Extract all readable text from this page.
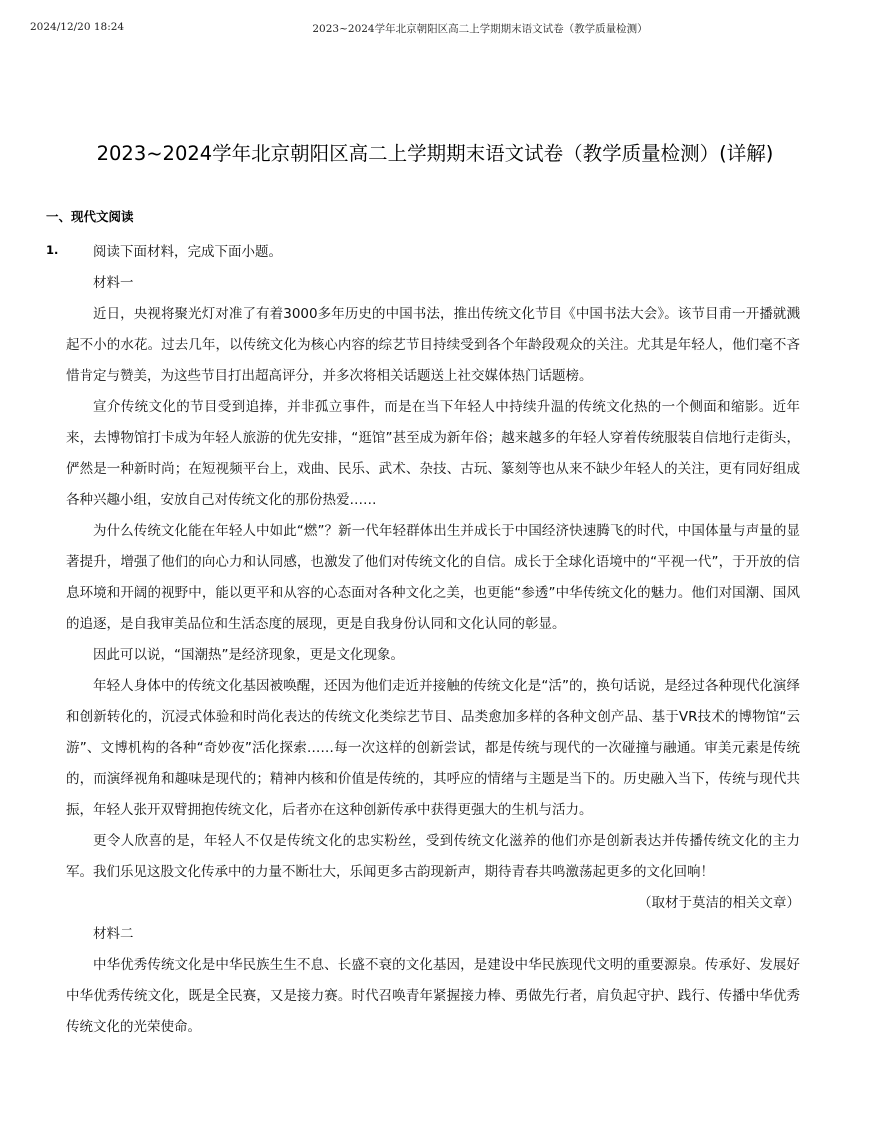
2024/12/20 18:24	2023~2024学年北京朝阳区高二上学期期末语文试卷（教学质量检测）
2023~2024学年北京朝阳区高二上学期期末语文试卷（教学质量检测）(详解)
一、现代文阅读
1.	阅读下面材料，完成下面小题。

材料一

近日，央视将聚光灯对准了有着3000多年历史的中国书法，推出传统文化节目《中国书法大会》。该节目甫一开播就溅起不小的水花。过去几年，以传统文化为核心内容的综艺节目持续受到各个年龄段观众的关注。尤其是年轻人，他们毫不吝惜肯定与赞美，为这些节目打出超高评分，并多次将相关话题送上社交媒体热门话题榜。

宣介传统文化的节目受到追捧，并非孤立事件，而是在当下年轻人中持续升温的传统文化热的一个侧面和缩影。近年来，去博物馆打卡成为年轻人旅游的优先安排，“逛馆”甚至成为新年俗；越来越多的年轻人穿着传统服装自信地行走街头，俨然是一种新时尚；在短视频平台上，戏曲、民乐、武术、杂技、古玩、篆刻等也从来不缺少年轻人的关注，更有同好组成各种兴趣小组，安放自己对传统文化的那份热爱……

为什么传统文化能在年轻人中如此“燃”？新一代年轻群体出生并成长于中国经济快速腾飞的时代，中国体量与声量的显著提升，增强了他们的向心力和认同感，也激发了他们对传统文化的自信。成长于全球化语境中的“平视一代”，于开放的信息环境和开阔的视野中，能以更平和从容的心态面对各种文化之美，也更能“参透”中华传统文化的魅力。他们对国潮、国风的追逐，是自我审美品位和生活态度的展现，更是自我身份认同和文化认同的彰显。

因此可以说，“国潮热”是经济现象，更是文化现象。

年轻人身体中的传统文化基因被唤醒，还因为他们走近并接触的传统文化是“活”的，换句话说，是经过各种现代化演绎和创新转化的，沉浸式体验和时尚化表达的传统文化类综艺节目、品类愈加多样的各种文创产品、基于VR技术的博物馆“云游”、文博机构的各种“奇妙夜”活化探索……每一次这样的创新尝试，都是传统与现代的一次碰撞与融通。审美元素是传统的，而演绎视角和趣味是现代的；精神内核和价值是传统的，其呼应的情绪与主题是当下的。历史融入当下，传统与现代共振，年轻人张开双臂拥抱传统文化，后者亦在这种创新传承中获得更强大的生机与活力。

更令人欣喜的是，年轻人不仅是传统文化的忠实粉丝，受到传统文化滋养的他们亦是创新表达并传播传统文化的主力军。我们乐见这股文化传承中的力量不断壮大，乐闻更多古韵现新声，期待青春共鸣激荡起更多的文化回响！

（取材于莫洁的相关文章）

材料二

中华优秀传统文化是中华民族生生不息、长盛不衰的文化基因，是建设中华民族现代文明的重要源泉。传承好、发展好中华优秀传统文化，既是全民赛，又是接力赛。时代召唤青年紧握接力棒、勇做先行者，肩负起守护、践行、传播中华优秀传统文化的光荣使命。
